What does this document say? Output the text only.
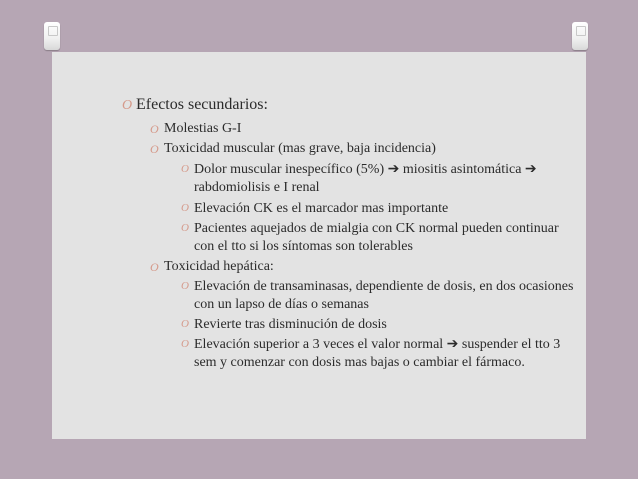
O Efectos secundarios:
O Molestias G-I
O Toxicidad muscular (mas grave, baja incidencia)
O Dolor muscular inespecífico (5%) ➔ miositis asintomática ➔ rabdomiolisis e I renal
O Elevación CK es el marcador mas importante
O Pacientes aquejados de mialgia con CK normal pueden continuar con el tto si los síntomas son tolerables
O Toxicidad hepática:
O Elevación de transaminasas, dependiente de dosis, en dos ocasiones con un lapso de días o semanas
O Revierte tras disminución de dosis
O Elevación superior a 3 veces el valor normal ➔ suspender el tto 3 sem y comenzar con dosis mas bajas o cambiar el fármaco.
